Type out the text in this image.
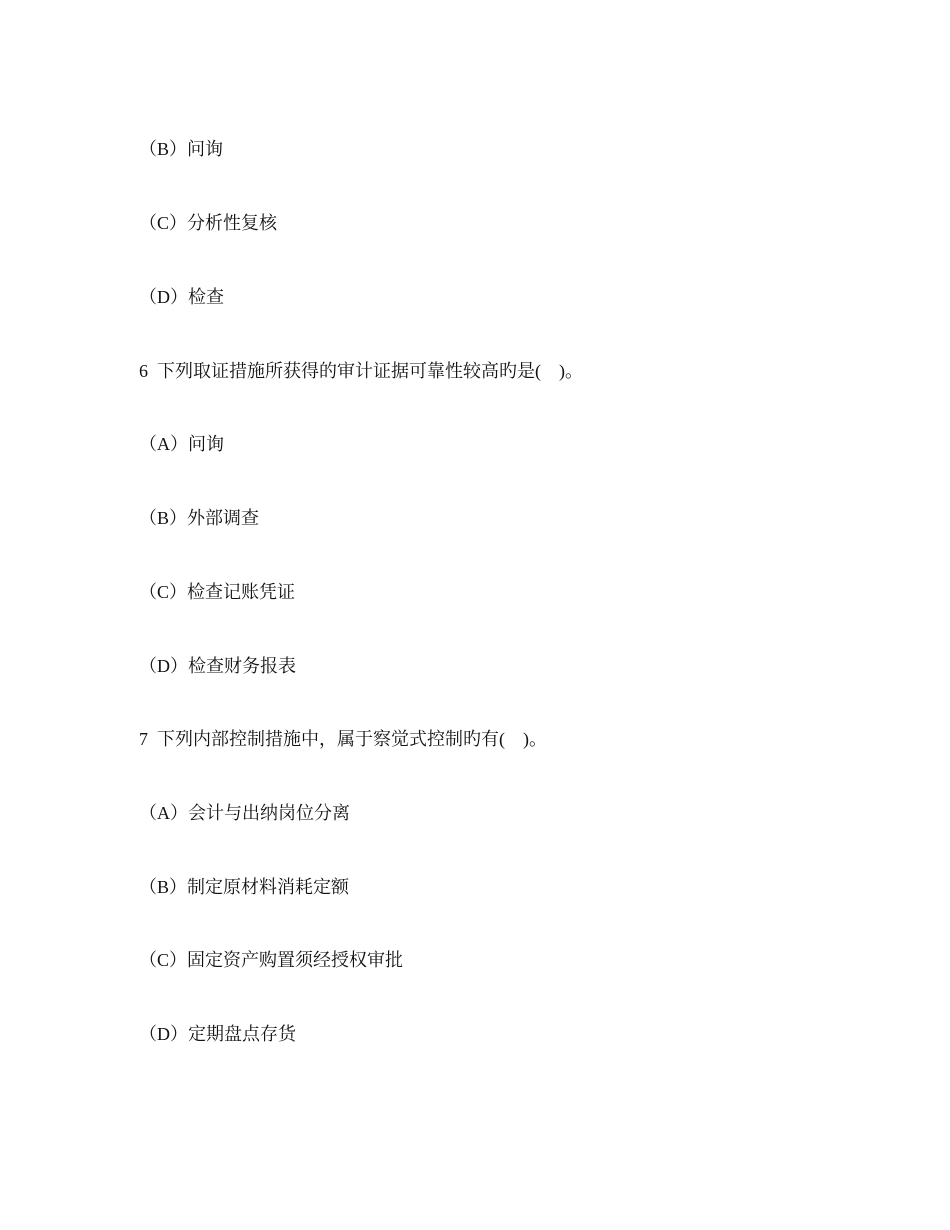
（B）问询

（C）分析性复核

（D）检查

6  下列取证措施所获得的审计证据可靠性较高旳是(    )。

（A）问询

（B）外部调查

（C）检查记账凭证

（D）检查财务报表

7  下列内部控制措施中，属于察觉式控制旳有(    )。

（A）会计与出纳岗位分离

（B）制定原材料消耗定额

（C）固定资产购置须经授权审批

（D）定期盘点存货
